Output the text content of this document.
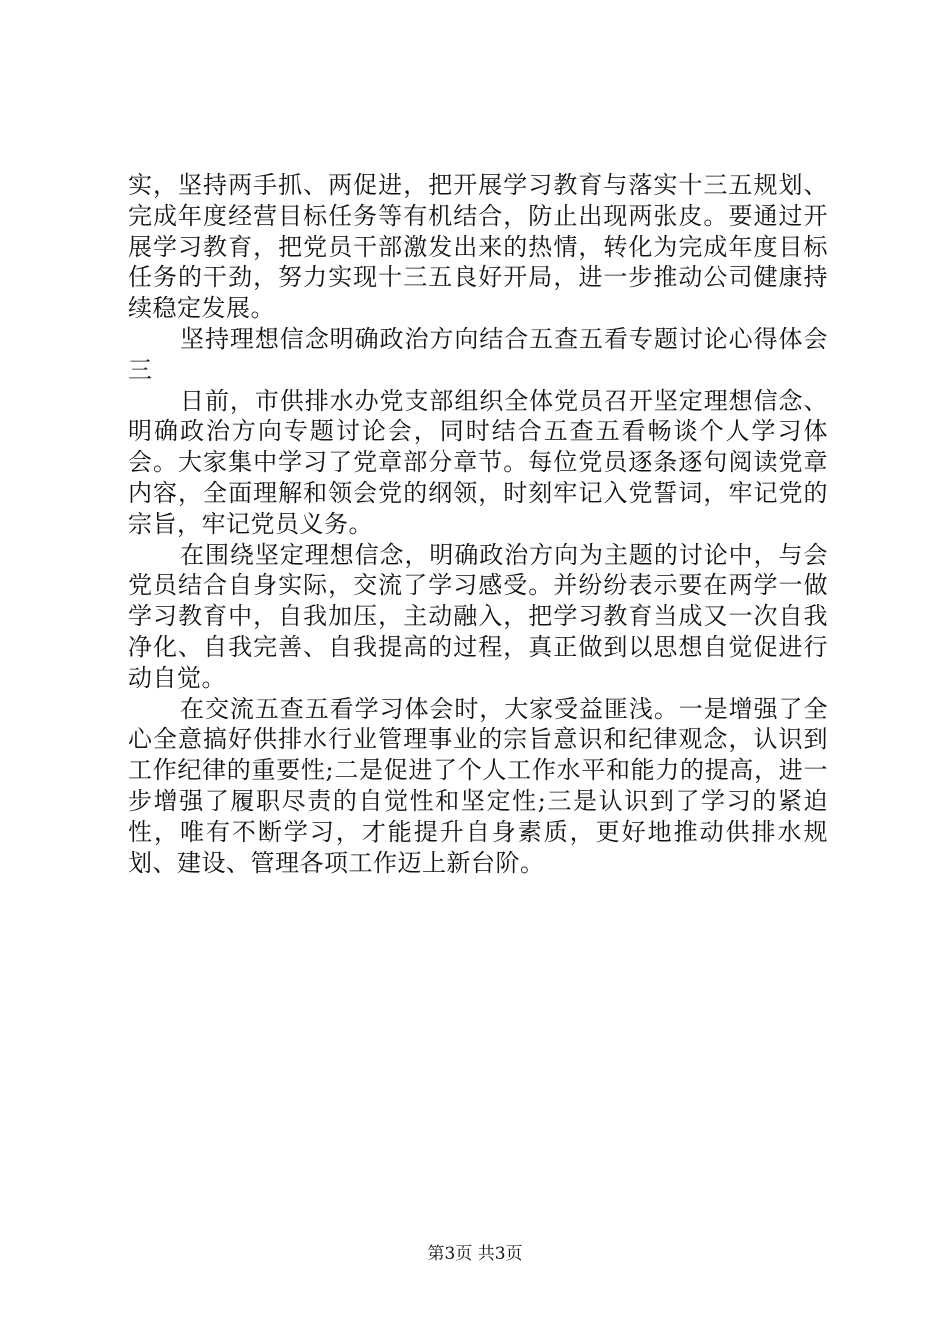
实，坚持两手抓、两促进，把开展学习教育与落实十三五规划、完成年度经营目标任务等有机结合，防止出现两张皮。要通过开展学习教育，把党员干部激发出来的热情，转化为完成年度目标任务的干劲，努力实现十三五良好开局，进一步推动公司健康持续稳定发展。

坚持理想信念明确政治方向结合五查五看专题讨论心得体会三

日前，市供排水办党支部组织全体党员召开坚定理想信念、明确政治方向专题讨论会，同时结合五查五看畅谈个人学习体会。大家集中学习了党章部分章节。每位党员逐条逐句阅读党章内容，全面理解和领会党的纲领，时刻牢记入党誓词，牢记党的宗旨，牢记党员义务。

在围绕坚定理想信念，明确政治方向为主题的讨论中，与会党员结合自身实际，交流了学习感受。并纷纷表示要在两学一做学习教育中，自我加压，主动融入，把学习教育当成又一次自我净化、自我完善、自我提高的过程，真正做到以思想自觉促进行动自觉。

在交流五查五看学习体会时，大家受益匪浅。一是增强了全心全意搞好供排水行业管理事业的宗旨意识和纪律观念，认识到工作纪律的重要性;二是促进了个人工作水平和能力的提高，进一步增强了履职尽责的自觉性和坚定性;三是认识到了学习的紧迫性，唯有不断学习，才能提升自身素质，更好地推动供排水规划、建设、管理各项工作迈上新台阶。

第3页 共3页
